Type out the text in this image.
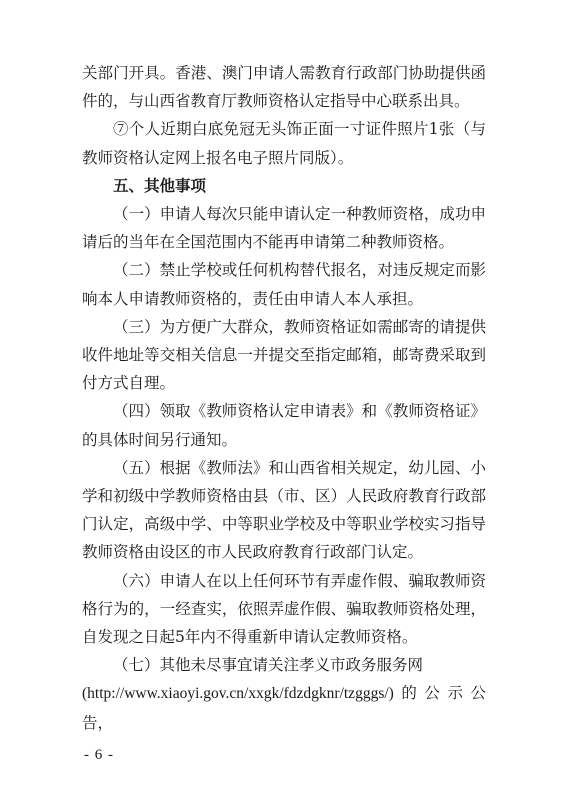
关部门开具。香港、澳门申请人需教育行政部门协助提供函件的，与山西省教育厅教师资格认定指导中心联系出具。

⑦个人近期白底免冠无头饰正面一寸证件照片1张（与教师资格认定网上报名电子照片同版）。

五、其他事项

（一）申请人每次只能申请认定一种教师资格，成功申请后的当年在全国范围内不能再申请第二种教师资格。

（二）禁止学校或任何机构替代报名，对违反规定而影响本人申请教师资格的，责任由申请人本人承担。

（三）为方便广大群众，教师资格证如需邮寄的请提供收件地址等交相关信息一并提交至指定邮箱，邮寄费采取到付方式自理。

（四）领取《教师资格认定申请表》和《教师资格证》的具体时间另行通知。

（五）根据《教师法》和山西省相关规定，幼儿园、小学和初级中学教师资格由县（市、区）人民政府教育行政部门认定，高级中学、中等职业学校及中等职业学校实习指导教师资格由设区的市人民政府教育行政部门认定。

（六）申请人在以上任何环节有弄虚作假、骗取教师资格行为的，一经查实，依照弄虚作假、骗取教师资格处理，自发现之日起5年内不得重新申请认定教师资格。

（七）其他未尽事宜请关注孝义市政务服务网
(http://www.xiaoyi.gov.cn/xxgk/fdzdgknr/tzgggs/)的公示公告，

- 6 -
